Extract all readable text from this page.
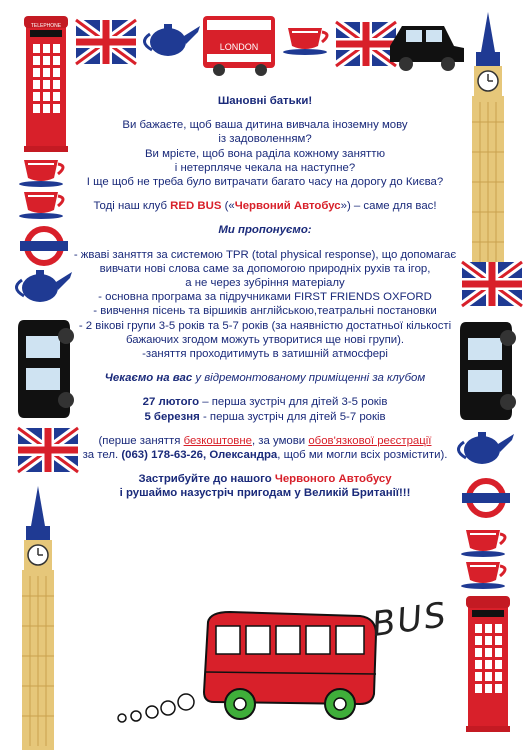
TELEPHONE
LONDON
BUS

Шановні батьки!

Ви бажаєте, щоб ваша дитина вивчала іноземну мову

із задоволенням?

Ви мрієте, щоб вона раділа кожному заняттю

і нетерпляче чекала на наступне?

І ще щоб не треба було витрачати багато часу на дорогу до Києва?

Тоді наш клуб RED BUS («Червоний Автобус») – саме для вас!

Ми пропонуємо:

- жваві заняття за системою TPR (total physical response), що допомагає

вивчати нові слова саме за допомогою природніх рухів та ігор,

а не через зубріння матеріалу

- основна програма за підручниками FIRST FRIENDS OXFORD

- вивчення пісень та віршиків англійською,театральні постановки

- 2 вікові групи 3-5 років та 5-7 років (за наявністю достатньої кількості

бажаючих згодом можуть утворитися ще нові групи).

-заняття проходитимуть в затишній атмосфері

Чекаємо на вас у відремонтованому приміщенні за клубом

27 лютого – перша зустріч для дітей 3-5 років

5 березня - перша зустріч для дітей 5-7 років

(перше заняття безкоштовне, за умови обов'язкової реєстрації

за тел. (063) 178-63-26, Олександра, щоб ми могли всіх розмістити).

Застрибуйте до нашого Червоного Автобусу

і рушаймо назустріч пригодам у Великій Британії!!!
